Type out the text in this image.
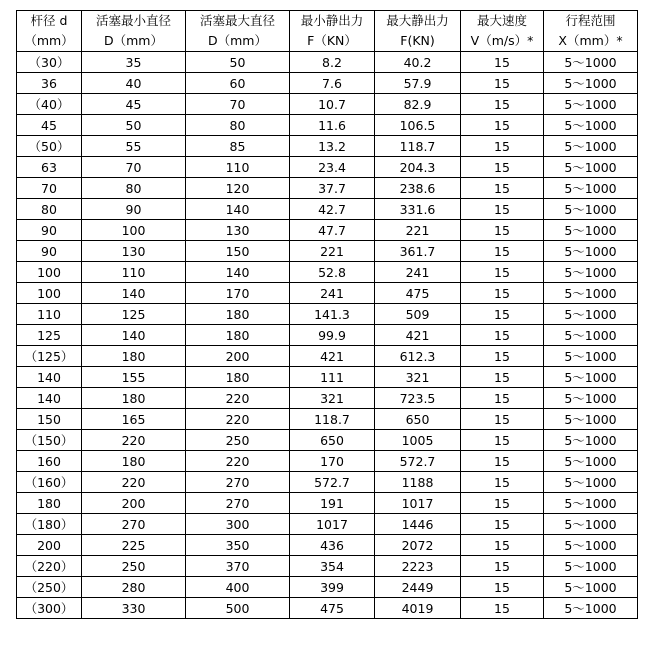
杆径 d	活塞最小直径	活塞最大直径	最小静出力	最大静出力	最大速度	行程范围
（mm）	D（mm）	D（mm）	F（KN）	F(KN)	V（m/s）*	X（mm）*
（30）	35	50	8.2	40.2	15	5～1000
36	40	60	7.6	57.9	15	5～1000
（40）	45	70	10.7	82.9	15	5～1000
45	50	80	11.6	106.5	15	5～1000
（50）	55	85	13.2	118.7	15	5～1000
63	70	110	23.4	204.3	15	5～1000
70	80	120	37.7	238.6	15	5～1000
80	90	140	42.7	331.6	15	5～1000
90	100	130	47.7	221	15	5～1000
90	130	150	221	361.7	15	5～1000
100	110	140	52.8	241	15	5～1000
100	140	170	241	475	15	5～1000
110	125	180	141.3	509	15	5～1000
125	140	180	99.9	421	15	5～1000
（125）	180	200	421	612.3	15	5～1000
140	155	180	111	321	15	5～1000
140	180	220	321	723.5	15	5～1000
150	165	220	118.7	650	15	5～1000
（150）	220	250	650	1005	15	5～1000
160	180	220	170	572.7	15	5～1000
（160）	220	270	572.7	1188	15	5～1000
180	200	270	191	1017	15	5～1000
（180）	270	300	1017	1446	15	5～1000
200	225	350	436	2072	15	5～1000
（220）	250	370	354	2223	15	5～1000
（250）	280	400	399	2449	15	5～1000
（300）	330	500	475	4019	15	5～1000
